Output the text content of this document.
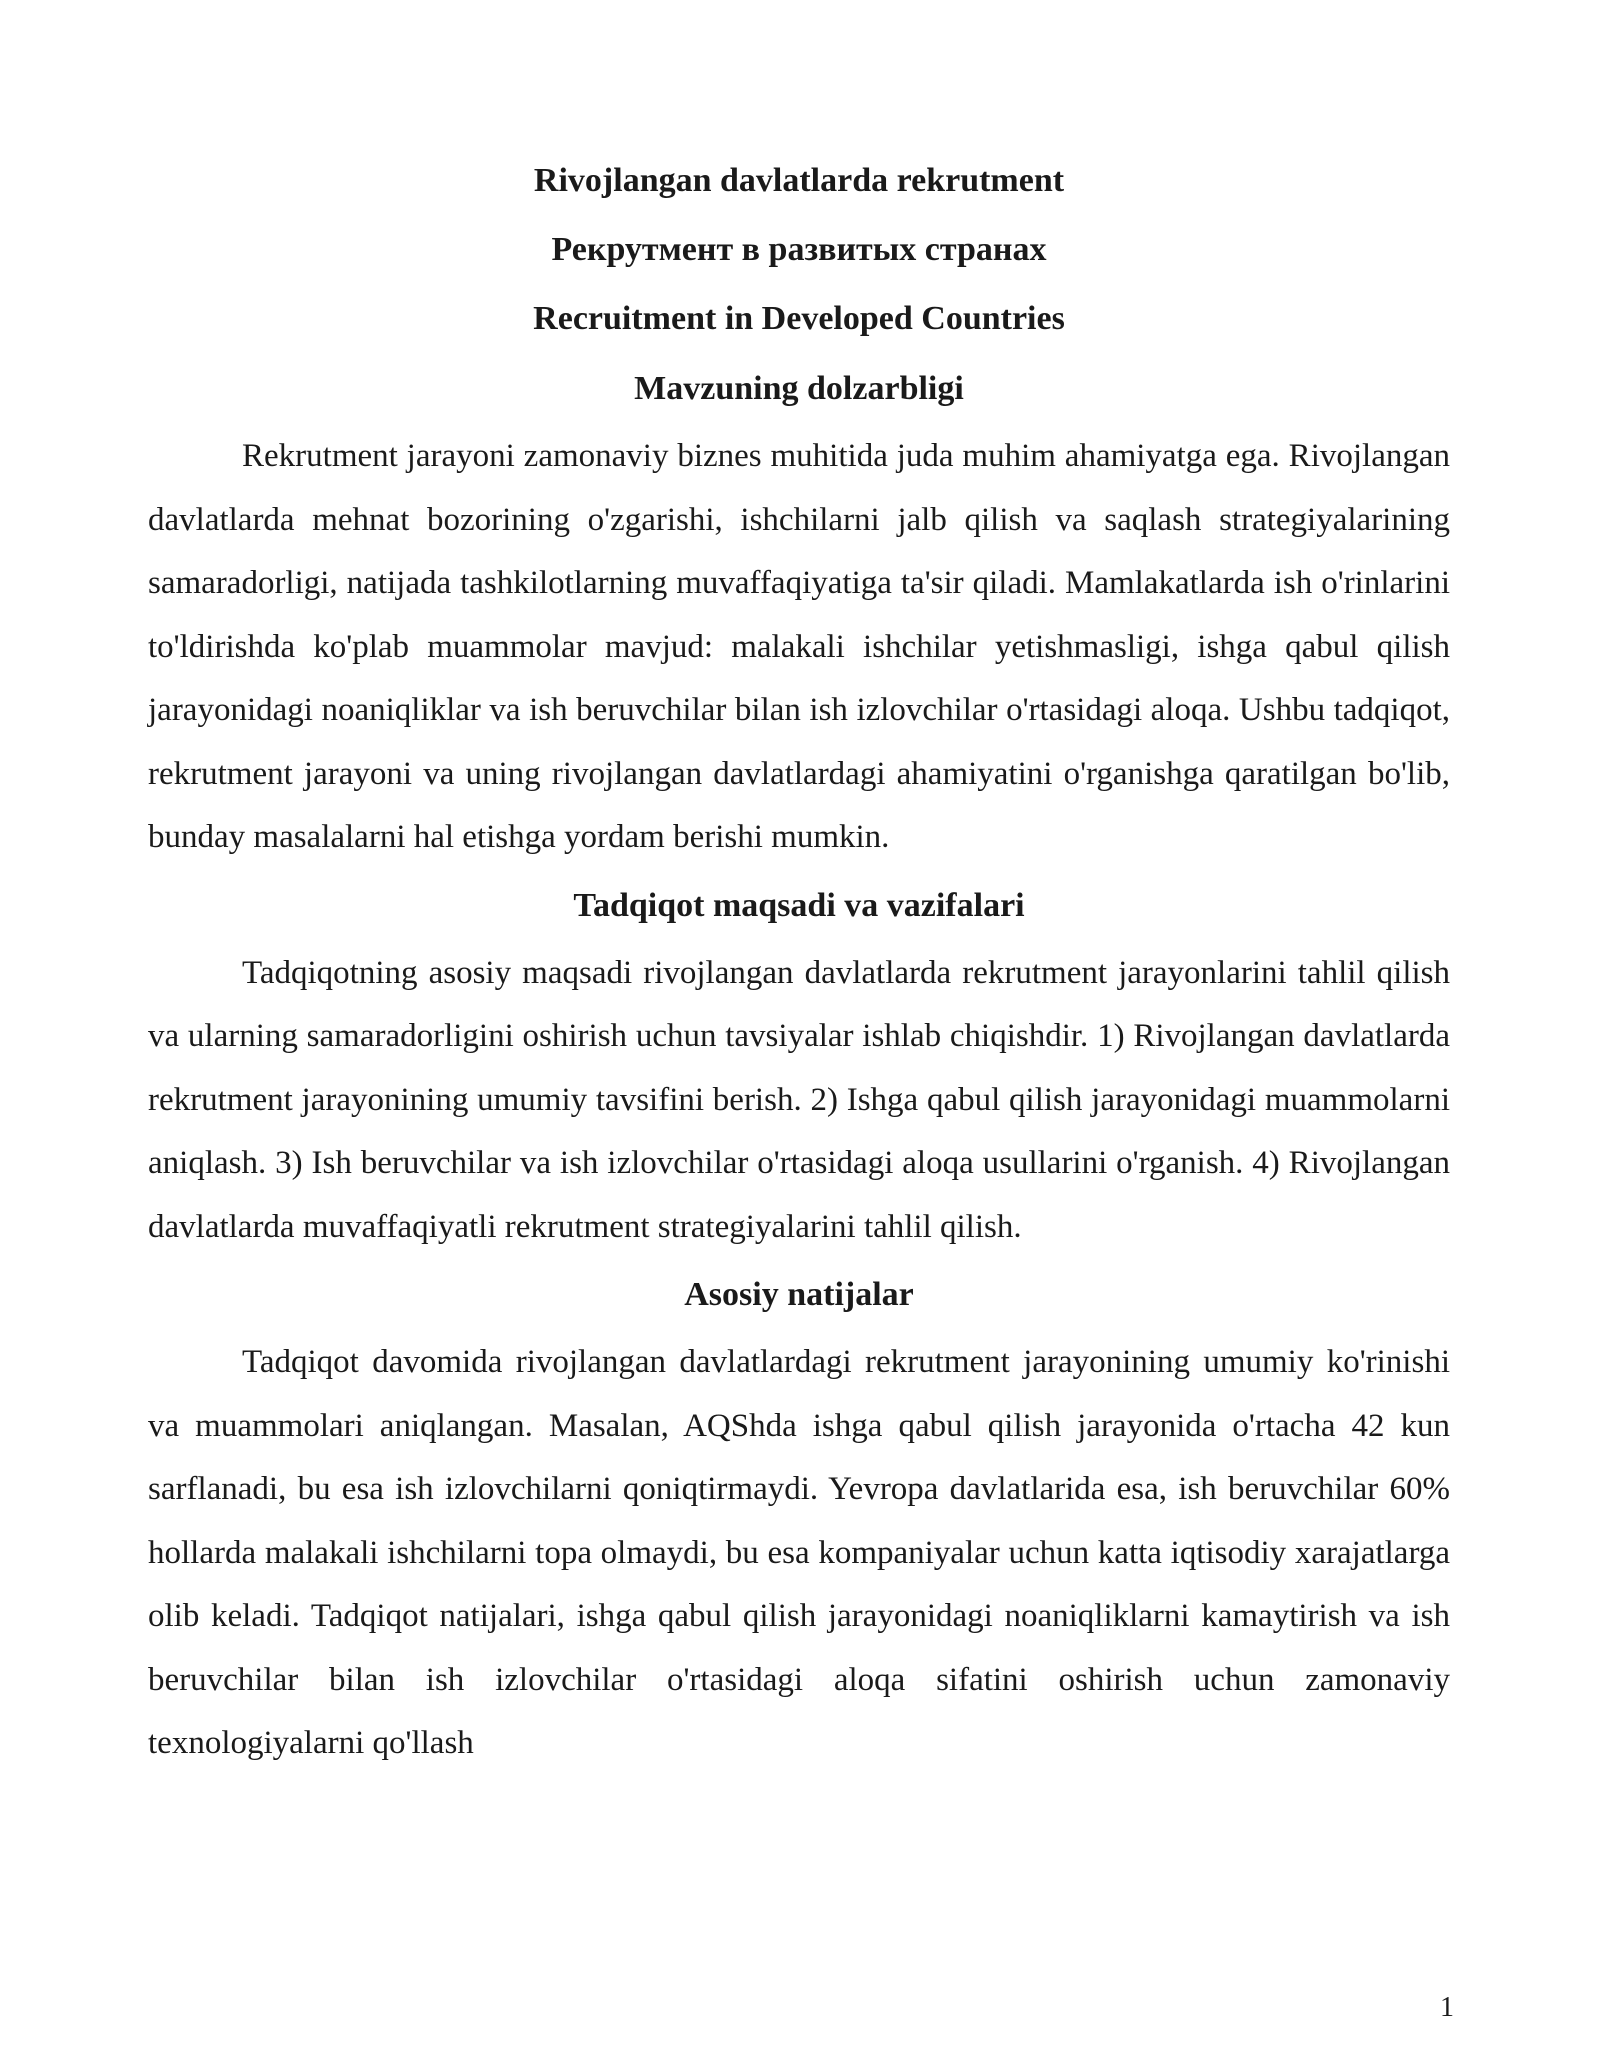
Rivojlangan davlatlarda rekrutment

Рекрутмент в развитых странах

Recruitment in Developed Countries

Mavzuning dolzarbligi

Rekrutment jarayoni zamonaviy biznes muhitida juda muhim ahamiyatga ega. Rivojlangan davlatlarda mehnat bozorining o'zgarishi, ishchilarni jalb qilish va saqlash strategiyalarining samaradorligi, natijada tashkilotlarning muvaffaqiyatiga ta'sir qiladi. Mamlakatlarda ish o'rinlarini to'ldirishda ko'plab muammolar mavjud: malakali ishchilar yetishmasligi, ishga qabul qilish jarayonidagi noaniqliklar va ish beruvchilar bilan ish izlovchilar o'rtasidagi aloqa. Ushbu tadqiqot, rekrutment jarayoni va uning rivojlangan davlatlardagi ahamiyatini o'rganishga qaratilgan bo'lib, bunday masalalarni hal etishga yordam berishi mumkin.

Tadqiqot maqsadi va vazifalari

Tadqiqotning asosiy maqsadi rivojlangan davlatlarda rekrutment jarayonlarini tahlil qilish va ularning samaradorligini oshirish uchun tavsiyalar ishlab chiqishdir. 1) Rivojlangan davlatlarda rekrutment jarayonining umumiy tavsifini berish. 2) Ishga qabul qilish jarayonidagi muammolarni aniqlash. 3) Ish beruvchilar va ish izlovchilar o'rtasidagi aloqa usullarini o'rganish. 4) Rivojlangan davlatlarda muvaffaqiyatli rekrutment strategiyalarini tahlil qilish.

Asosiy natijalar

Tadqiqot davomida rivojlangan davlatlardagi rekrutment jarayonining umumiy ko'rinishi va muammolari aniqlangan. Masalan, AQShda ishga qabul qilish jarayonida o'rtacha 42 kun sarflanadi, bu esa ish izlovchilarni qoniqtirmaydi. Yevropa davlatlarida esa, ish beruvchilar 60% hollarda malakali ishchilarni topa olmaydi, bu esa kompaniyalar uchun katta iqtisodiy xarajatlarga olib keladi. Tadqiqot natijalari, ishga qabul qilish jarayonidagi noaniqliklarni kamaytirish va ish beruvchilar bilan ish izlovchilar o'rtasidagi aloqa sifatini oshirish uchun zamonaviy texnologiyalarni qo'llash

1
